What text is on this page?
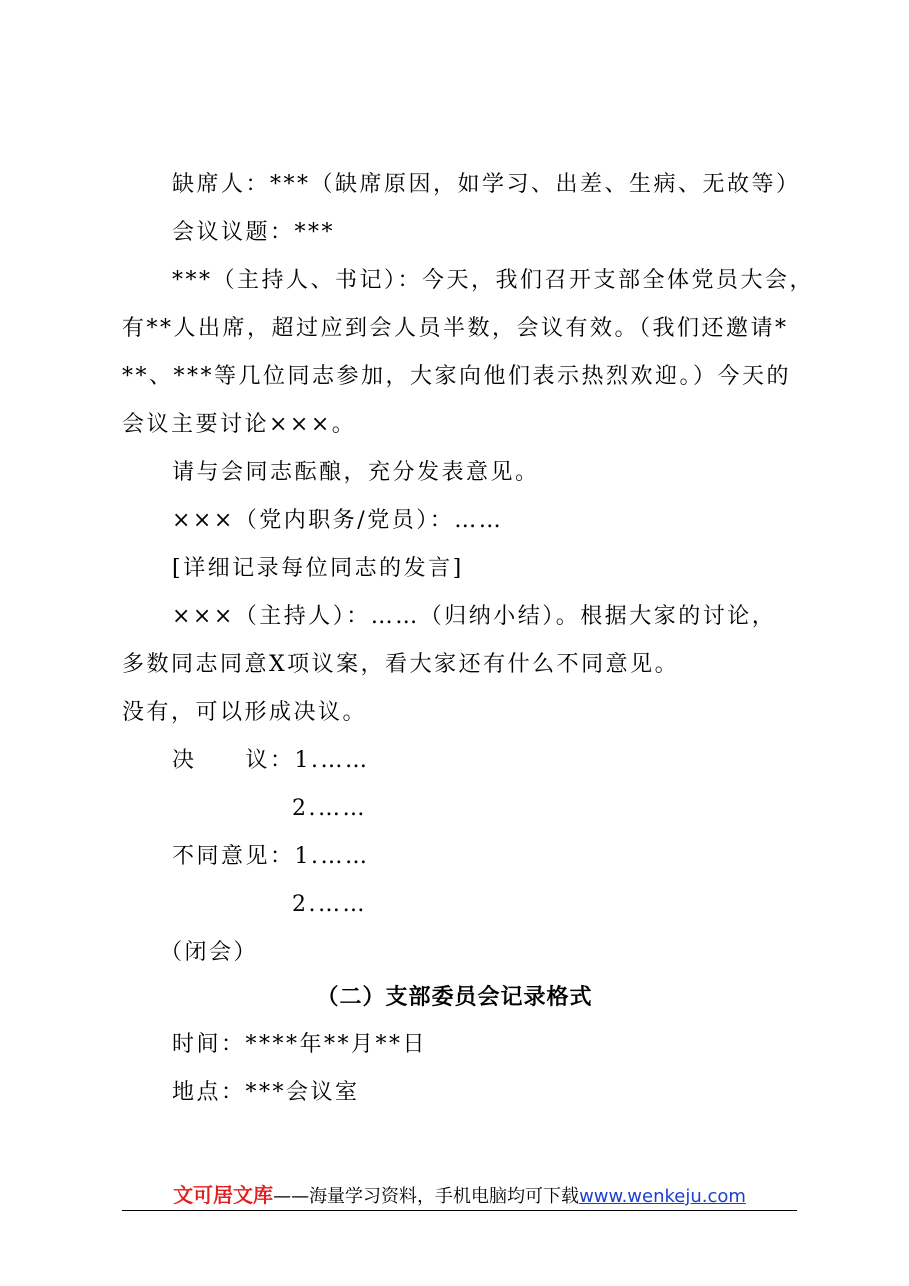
缺席人：***（缺席原因，如学习、出差、生病、无故等）
会议议题：***
***（主持人、书记）：今天，我们召开支部全体党员大会，
有**人出席，超过应到会人员半数，会议有效。（我们还邀请*
**、***等几位同志参加，大家向他们表示热烈欢迎。）今天的
会议主要讨论×××。
请与会同志酝酿，充分发表意见。
×××（党内职务/党员）：……
[详细记录每位同志的发言]
×××（主持人）：……（归纳小结）。根据大家的讨论，
多数同志同意X项议案，看大家还有什么不同意见。
没有，可以形成决议。
决　　议：1.……
2.……
不同意见：1.……
2.……
（闭会）
（二）支部委员会记录格式
时间：****年**月**日
地点：***会议室
文可居文库——海量学习资料，手机电脑均可下载www.wenkeju.com
